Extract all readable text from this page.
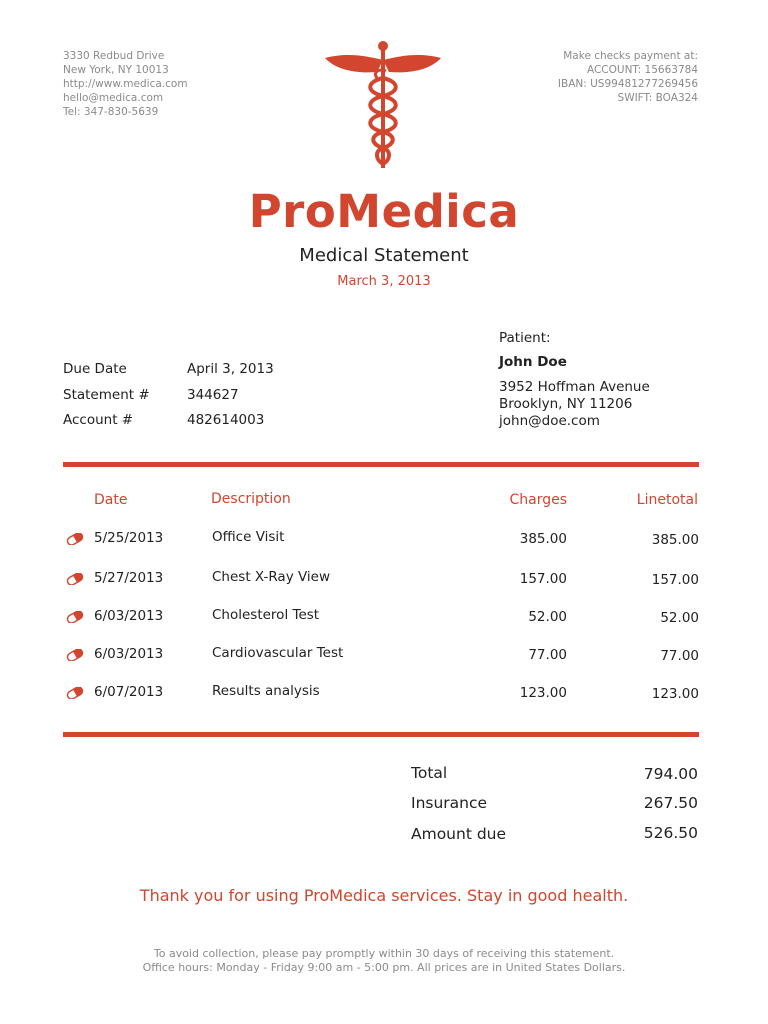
3330 Redbud Drive
New York, NY 10013
http://www.medica.com
hello@medica.com
Tel: 347-830-5639
Make checks payment at:
ACCOUNT: 15663784
IBAN: US99481277269456
SWIFT: BOA324
ProMedica
Medical Statement
March 3, 2013
Due Date	April 3, 2013
Statement #	344627
Account #	482614003
Patient:
John Doe
3952 Hoffman Avenue
Brooklyn, NY 11206
john@doe.com
Date	Description	Charges	Linetotal
5/25/2013	Office Visit	385.00	385.00
5/27/2013	Chest X-Ray View	157.00	157.00
6/03/2013	Cholesterol Test	52.00	52.00
6/03/2013	Cardiovascular Test	77.00	77.00
6/07/2013	Results analysis	123.00	123.00
Total	794.00
Insurance	267.50
Amount due	526.50
Thank you for using ProMedica services. Stay in good health.
To avoid collection, please pay promptly within 30 days of receiving this statement.
Office hours: Monday - Friday 9:00 am - 5:00 pm. All prices are in United States Dollars.
